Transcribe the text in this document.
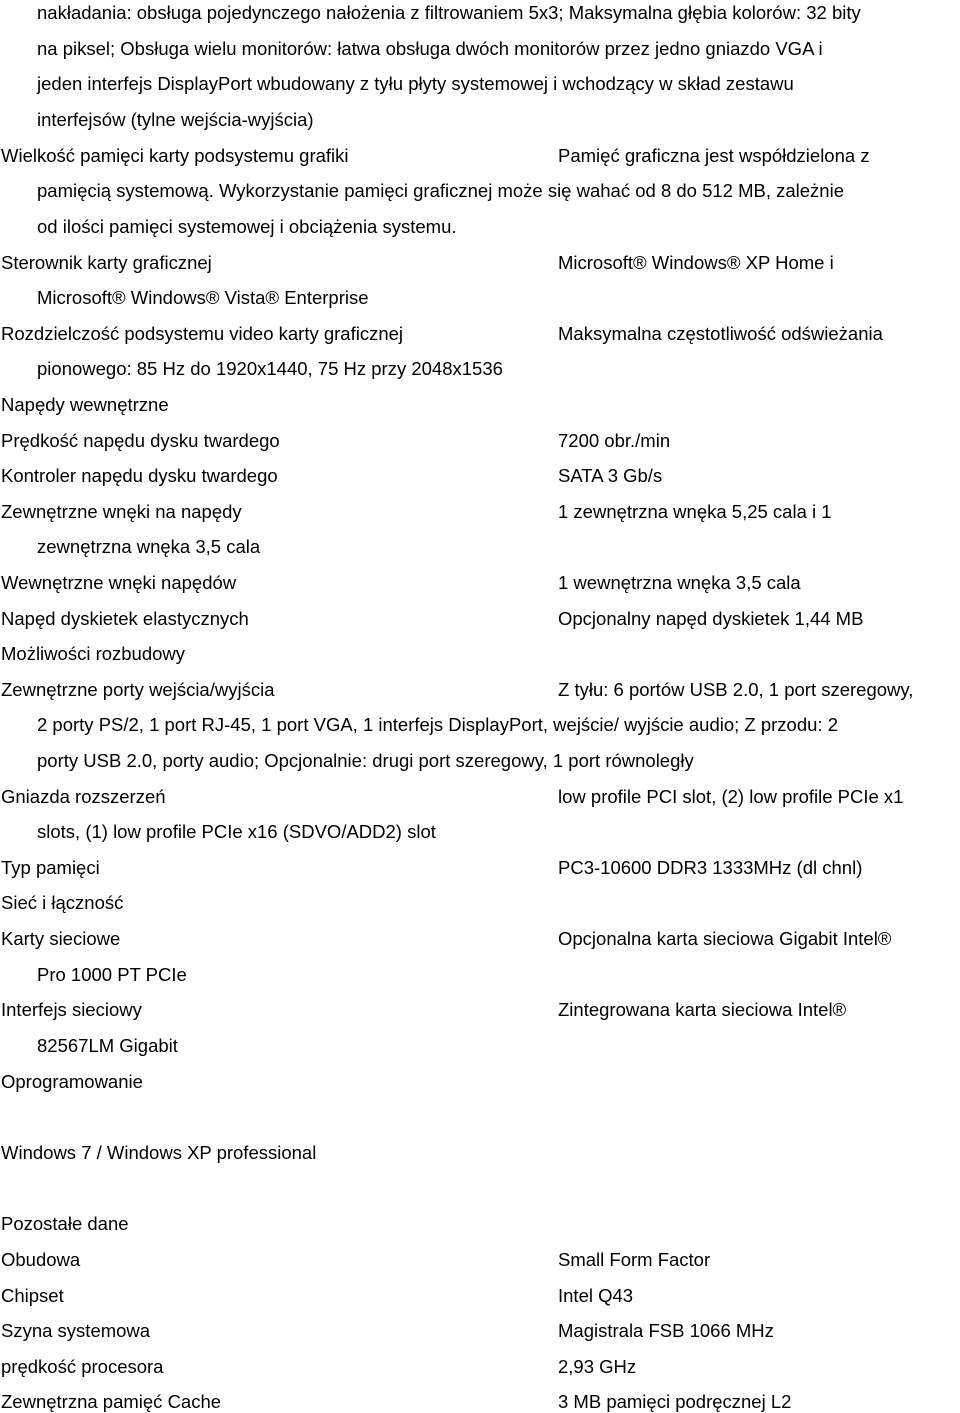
nakładania: obsługa pojedynczego nałożenia z filtrowaniem 5x3; Maksymalna głębia kolorów: 32 bity
na piksel; Obsługa wielu monitorów: łatwa obsługa dwóch monitorów przez jedno gniazdo VGA i
jeden interfejs DisplayPort wbudowany z tyłu płyty systemowej i wchodzący w skład zestawu
interfejsów (tylne wejścia-wyjścia)
Wielkość pamięci karty podsystemu grafiki	Pamięć graficzna jest współdzielona z
pamięcią systemową. Wykorzystanie pamięci graficznej może się wahać od 8 do 512 MB, zależnie
od ilości pamięci systemowej i obciążenia systemu.
Sterownik karty graficznej	Microsoft® Windows® XP Home i
Microsoft® Windows® Vista® Enterprise
Rozdzielczość podsystemu video karty graficznej	Maksymalna częstotliwość odświeżania
pionowego: 85 Hz do 1920x1440, 75 Hz przy 2048x1536
Napędy wewnętrzne
Prędkość napędu dysku twardego	7200 obr./min
Kontroler napędu dysku twardego	SATA 3 Gb/s
Zewnętrzne wnęki na napędy	1 zewnętrzna wnęka 5,25 cala i 1
zewnętrzna wnęka 3,5 cala
Wewnętrzne wnęki napędów	1 wewnętrzna wnęka 3,5 cala
Napęd dyskietek elastycznych	Opcjonalny napęd dyskietek 1,44 MB
Możliwości rozbudowy
Zewnętrzne porty wejścia/wyjścia	Z tyłu: 6 portów USB 2.0, 1 port szeregowy,
2 porty PS/2, 1 port RJ-45, 1 port VGA, 1 interfejs DisplayPort, wejście/ wyjście audio; Z przodu: 2
porty USB 2.0, porty audio; Opcjonalnie: drugi port szeregowy, 1 port równoległy
Gniazda rozszerzeń	low profile PCI slot, (2) low profile PCIe x1
slots, (1) low profile PCIe x16 (SDVO/ADD2) slot
Typ pamięci	PC3-10600 DDR3 1333MHz (dl chnl)
Sieć i łączność
Karty sieciowe	Opcjonalna karta sieciowa Gigabit Intel®
Pro 1000 PT PCIe
Interfejs sieciowy	Zintegrowana karta sieciowa Intel®
82567LM Gigabit
Oprogramowanie
Windows 7 / Windows XP professional
Pozostałe dane
Obudowa	Small Form Factor
Chipset	Intel Q43
Szyna systemowa	Magistrala FSB 1066 MHz
prędkość procesora	2,93 GHz
Zewnętrzna pamięć Cache	3 MB pamięci podręcznej L2
